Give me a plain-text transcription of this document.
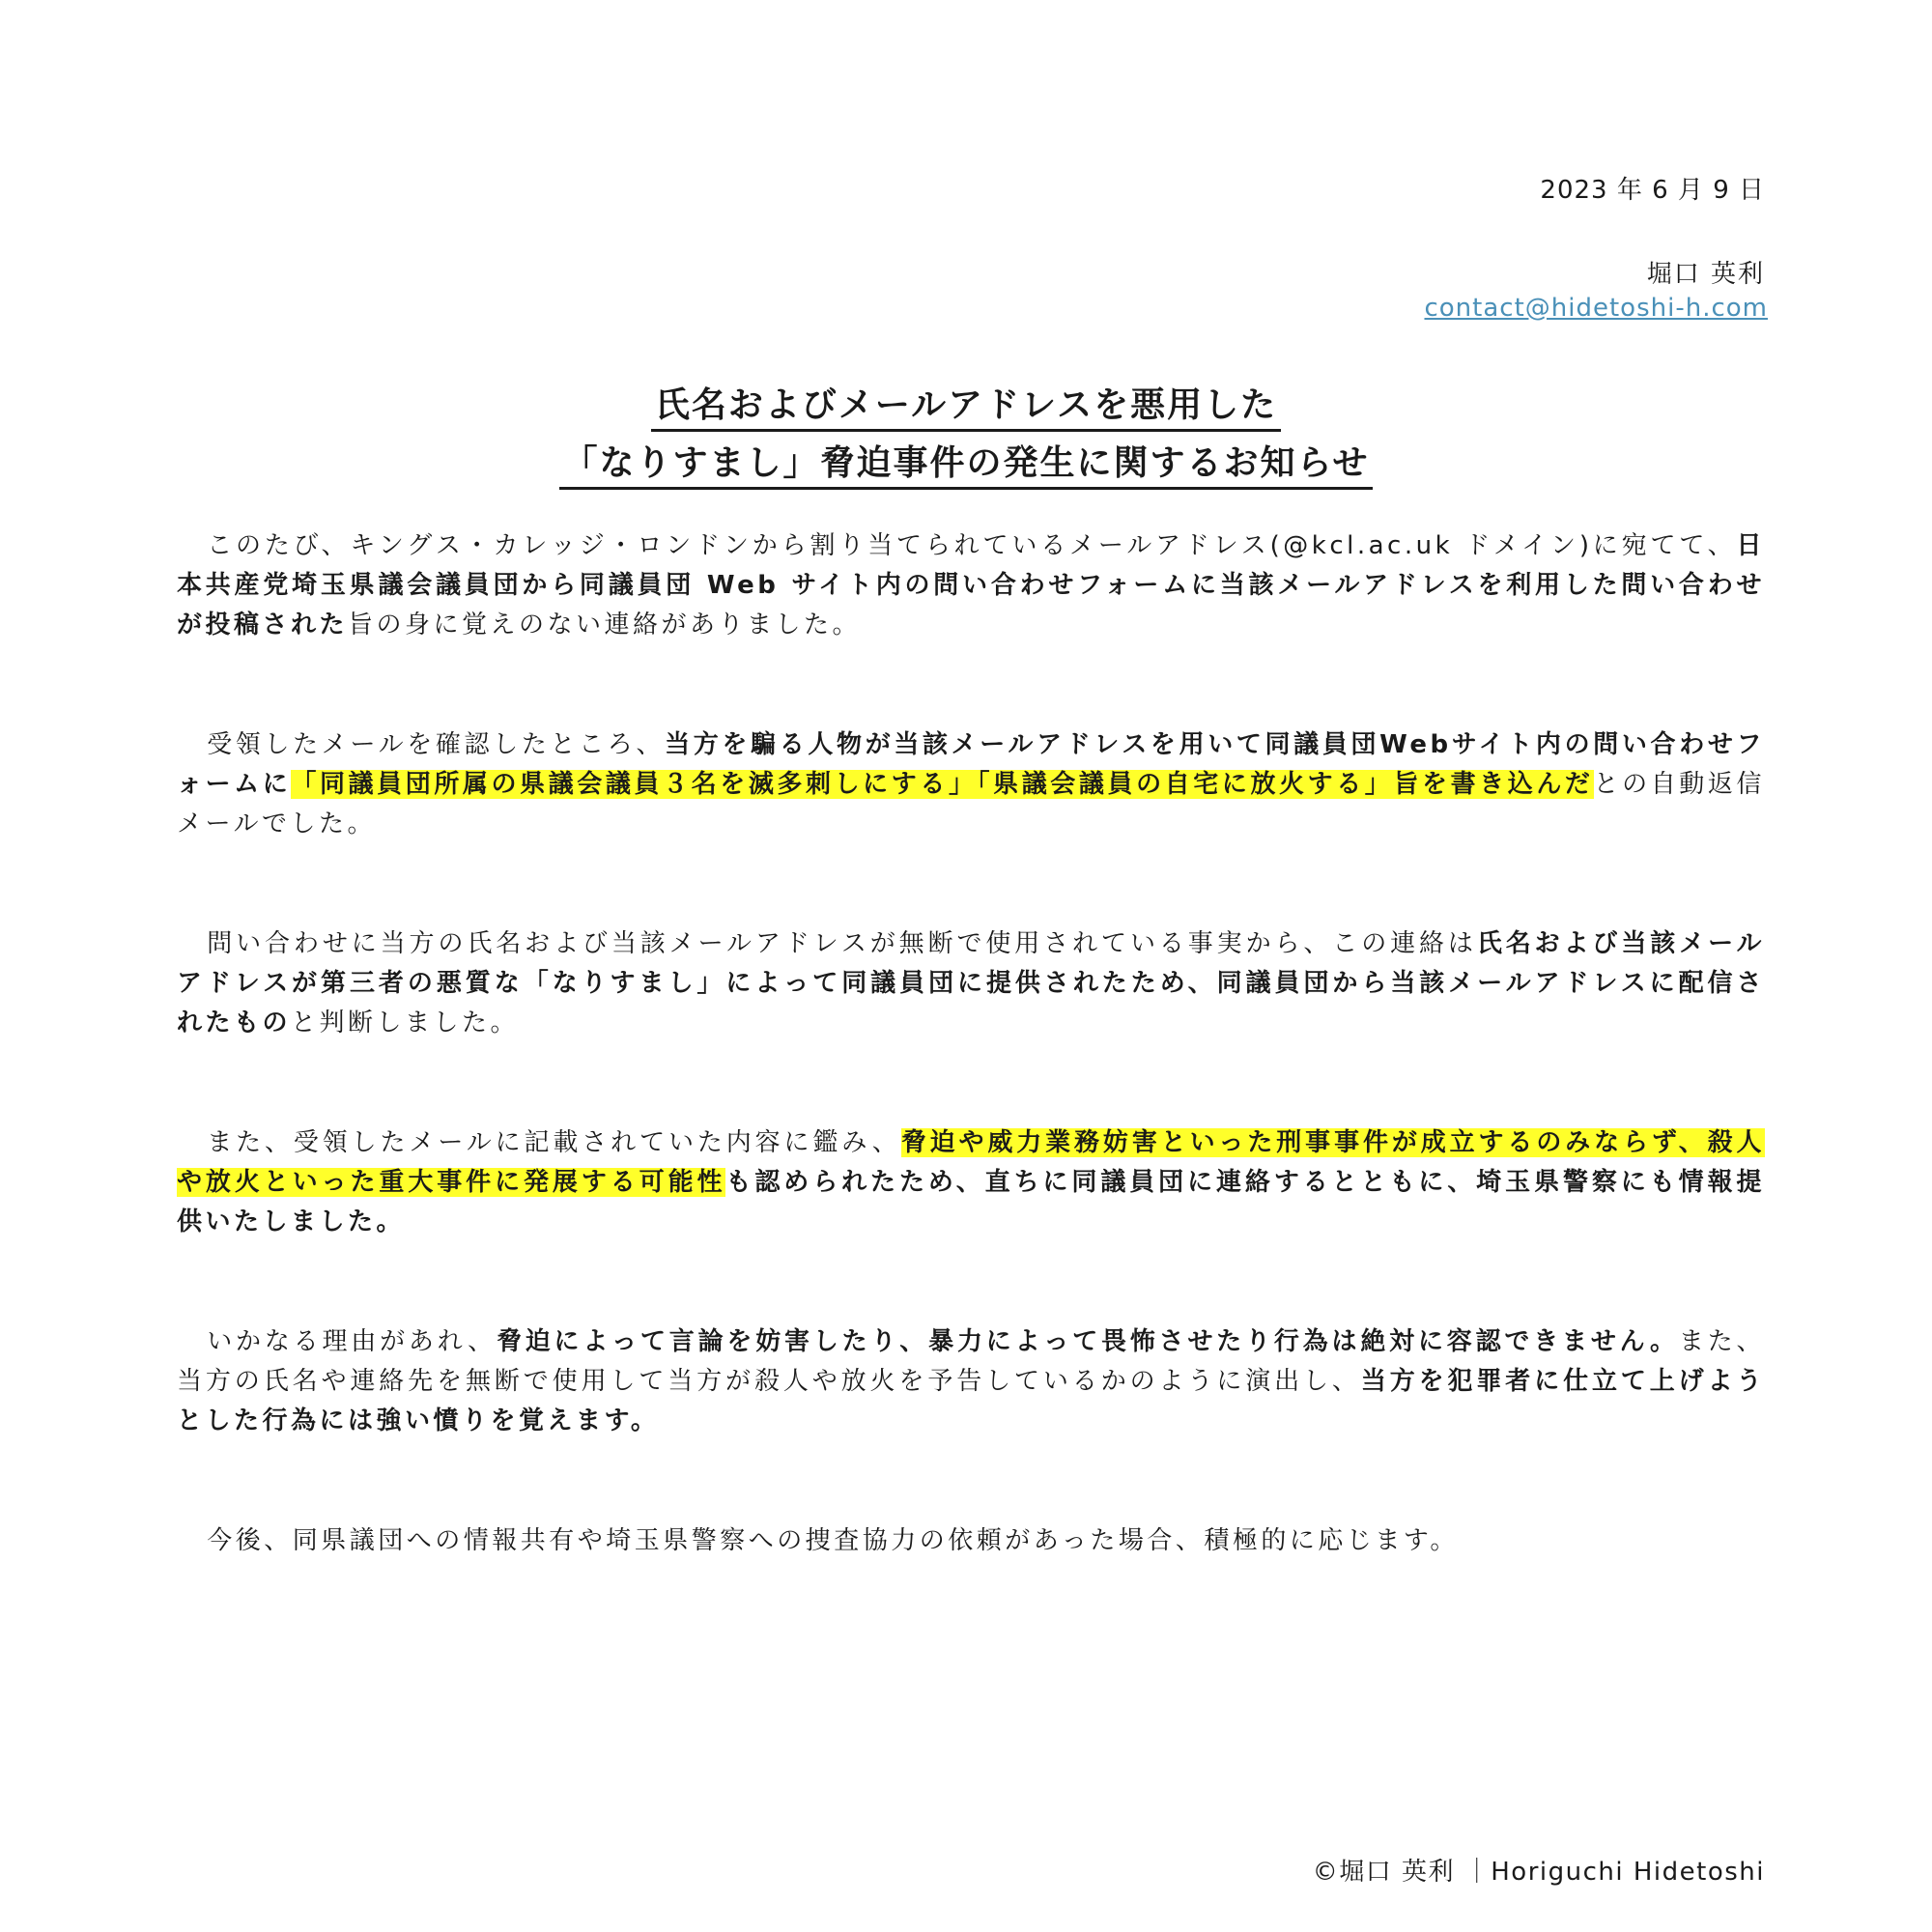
2023 年 6 月 9 日
堀口 英利
contact@hidetoshi-h.com
氏名およびメールアドレスを悪用した
「なりすまし」脅迫事件の発生に関するお知らせ

このたび、キングス・カレッジ・ロンドンから割り当てられているメールアドレス(@kcl.ac.uk ドメイン)に宛てて、日本共産党埼玉県議会議員団から同議員団 Web サイト内の問い合わせフォームに当該メールアドレスを利用した問い合わせが投稿された旨の身に覚えのない連絡がありました。

受領したメールを確認したところ、当方を騙る人物が当該メールアドレスを用いて同議員団Webサイト内の問い合わせフォームに「同議員団所属の県議会議員３名を滅多刺しにする」「県議会議員の自宅に放火する」旨を書き込んだとの自動返信メールでした。

問い合わせに当方の氏名および当該メールアドレスが無断で使用されている事実から、この連絡は氏名および当該メールアドレスが第三者の悪質な「なりすまし」によって同議員団に提供されたため、同議員団から当該メールアドレスに配信されたものと判断しました。

また、受領したメールに記載されていた内容に鑑み、脅迫や威力業務妨害といった刑事事件が成立するのみならず、殺人や放火といった重大事件に発展する可能性も認められたため、直ちに同議員団に連絡するとともに、埼玉県警察にも情報提供いたしました。

いかなる理由があれ、脅迫によって言論を妨害したり、暴力によって畏怖させたり行為は絶対に容認できません。また、当方の氏名や連絡先を無断で使用して当方が殺人や放火を予告しているかのように演出し、当方を犯罪者に仕立て上げようとした行為には強い憤りを覚えます。

今後、同県議団への情報共有や埼玉県警察への捜査協力の依頼があった場合、積極的に応じます。

©堀口 英利 ｜Horiguchi Hidetoshi
